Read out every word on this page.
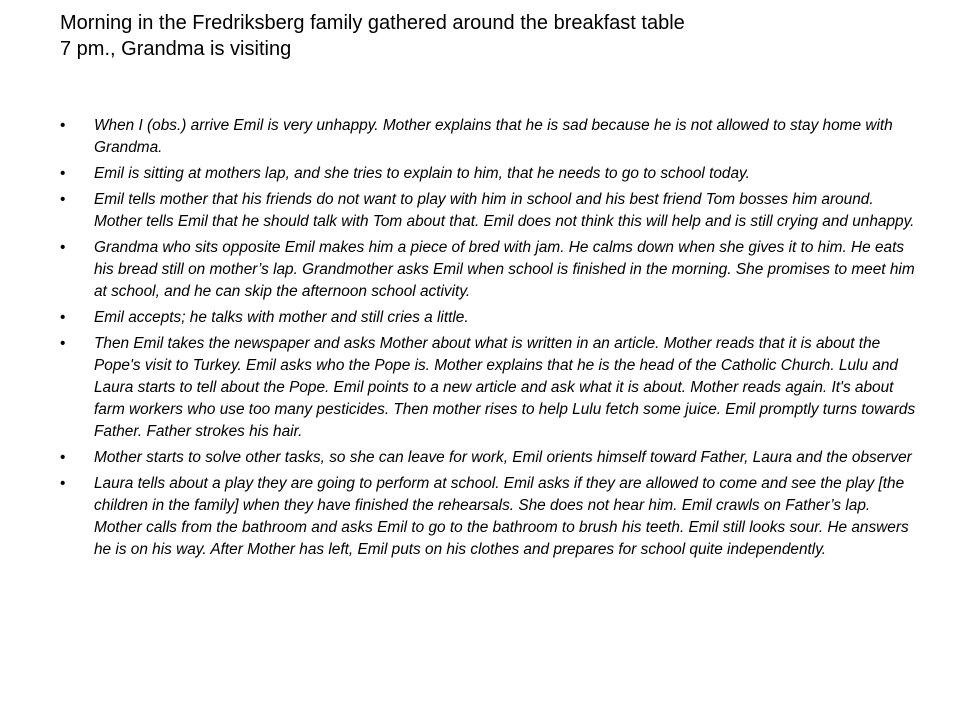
Morning in the Fredriksberg family gathered around the breakfast table
7 pm., Grandma is visiting
• When I (obs.) arrive Emil is very unhappy. Mother explains that he is sad because he is not allowed to stay home with Grandma.
• Emil is sitting at mothers lap, and she tries to explain to him, that he needs to go to school today.
• Emil tells mother that his friends do not want to play with him in school and his best friend Tom bosses him around. Mother tells Emil that he should talk with Tom about that. Emil does not think this will help and is still crying and unhappy.
• Grandma who sits opposite Emil makes him a piece of bred with jam. He calms down when she gives it to him. He eats his bread still on mother’s lap. Grandmother asks Emil when school is finished in the morning. She promises to meet him at school, and he can skip the afternoon school activity.
• Emil accepts; he talks with mother and still cries a little.
• Then Emil takes the newspaper and asks Mother about what is written in an article. Mother reads that it is about the Pope's visit to Turkey. Emil asks who the Pope is. Mother explains that he is the head of the Catholic Church. Lulu and Laura starts to tell about the Pope. Emil points to a new article and ask what it is about. Mother reads again. It's about farm workers who use too many pesticides. Then mother rises to help Lulu fetch some juice. Emil promptly turns towards Father. Father strokes his hair.
• Mother starts to solve other tasks, so she can leave for work, Emil orients himself toward Father, Laura and the observer
• Laura tells about a play they are going to perform at school. Emil asks if they are allowed to come and see the play [the children in the family] when they have finished the rehearsals. She does not hear him. Emil crawls on Father’s lap. Mother calls from the bathroom and asks Emil to go to the bathroom to brush his teeth. Emil still looks sour. He answers he is on his way. After Mother has left, Emil puts on his clothes and prepares for school quite independently.
